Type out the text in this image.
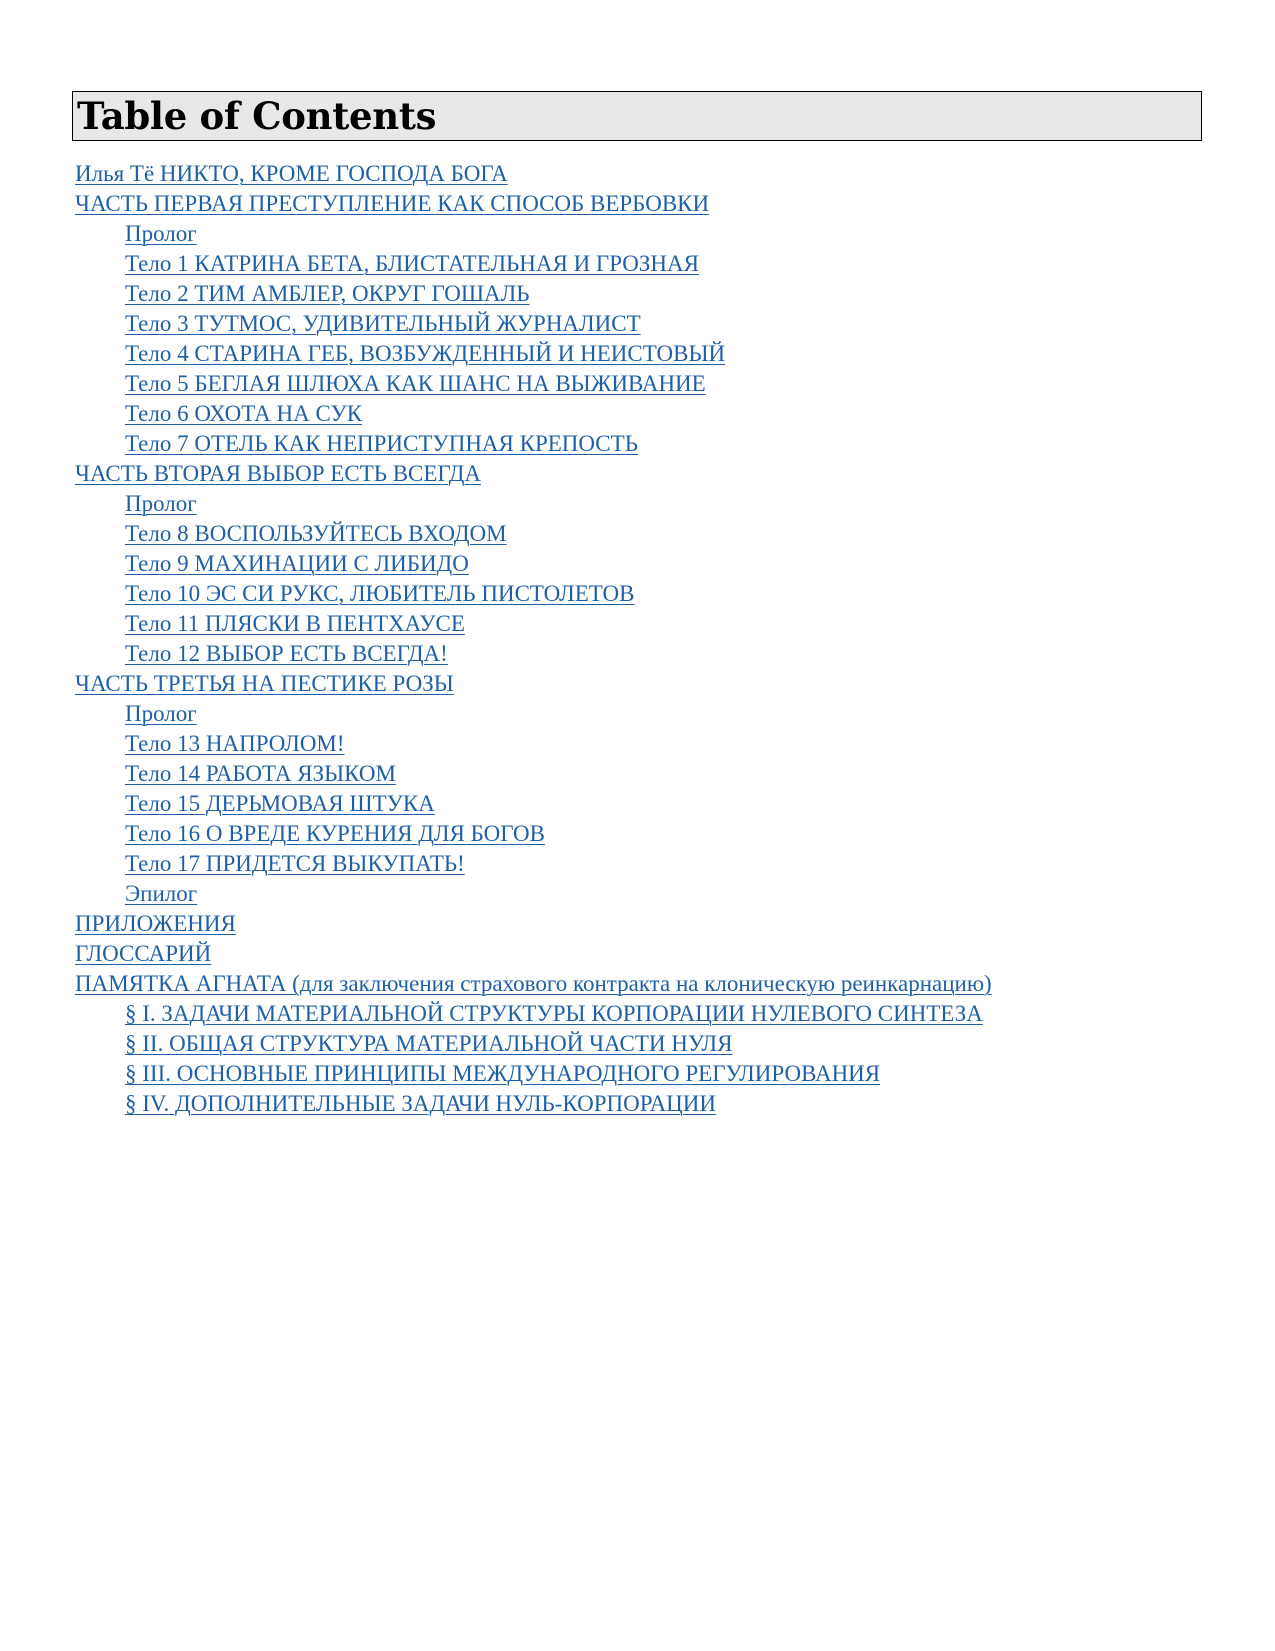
Table of Contents
Илья Тё НИКТО, КРОМЕ ГОСПОДА БОГА
ЧАСТЬ ПЕРВАЯ ПРЕСТУПЛЕНИЕ КАК СПОСОБ ВЕРБОВКИ
Пролог
Тело 1 КАТРИНА БЕТА, БЛИСТАТЕЛЬНАЯ И ГРОЗНАЯ
Тело 2 ТИМ АМБЛЕР, ОКРУГ ГОШАЛЬ
Тело 3 ТУТМОС, УДИВИТЕЛЬНЫЙ ЖУРНАЛИСТ
Тело 4 СТАРИНА ГЕБ, ВОЗБУЖДЕННЫЙ И НЕИСТОВЫЙ
Тело 5 БЕГЛАЯ ШЛЮХА КАК ШАНС НА ВЫЖИВАНИЕ
Тело 6 ОХОТА НА СУК
Тело 7 ОТЕЛЬ КАК НЕПРИСТУПНАЯ КРЕПОСТЬ
ЧАСТЬ ВТОРАЯ ВЫБОР ЕСТЬ ВСЕГДА
Пролог
Тело 8 ВОСПОЛЬЗУЙТЕСЬ ВХОДОМ
Тело 9 МАХИНАЦИИ С ЛИБИДО
Тело 10 ЭС СИ РУКС, ЛЮБИТЕЛЬ ПИСТОЛЕТОВ
Тело 11 ПЛЯСКИ В ПЕНТХАУСЕ
Тело 12 ВЫБОР ЕСТЬ ВСЕГДА!
ЧАСТЬ ТРЕТЬЯ НА ПЕСТИКЕ РОЗЫ
Пролог
Тело 13 НАПРОЛОМ!
Тело 14 РАБОТА ЯЗЫКОМ
Тело 15 ДЕРЬМОВАЯ ШТУКА
Тело 16 О ВРЕДЕ КУРЕНИЯ ДЛЯ БОГОВ
Тело 17 ПРИДЕТСЯ ВЫКУПАТЬ!
Эпилог
ПРИЛОЖЕНИЯ
ГЛОССАРИЙ
ПАМЯТКА АГНАТА (для заключения страхового контракта на клоническую реинкарнацию)
§ I. ЗАДАЧИ МАТЕРИАЛЬНОЙ СТРУКТУРЫ КОРПОРАЦИИ НУЛЕВОГО СИНТЕЗА
§ II. ОБЩАЯ СТРУКТУРА МАТЕРИАЛЬНОЙ ЧАСТИ НУЛЯ
§ III. ОСНОВНЫЕ ПРИНЦИПЫ МЕЖДУНАРОДНОГО РЕГУЛИРОВАНИЯ
§ IV. ДОПОЛНИТЕЛЬНЫЕ ЗАДАЧИ НУЛЬ-КОРПОРАЦИИ
